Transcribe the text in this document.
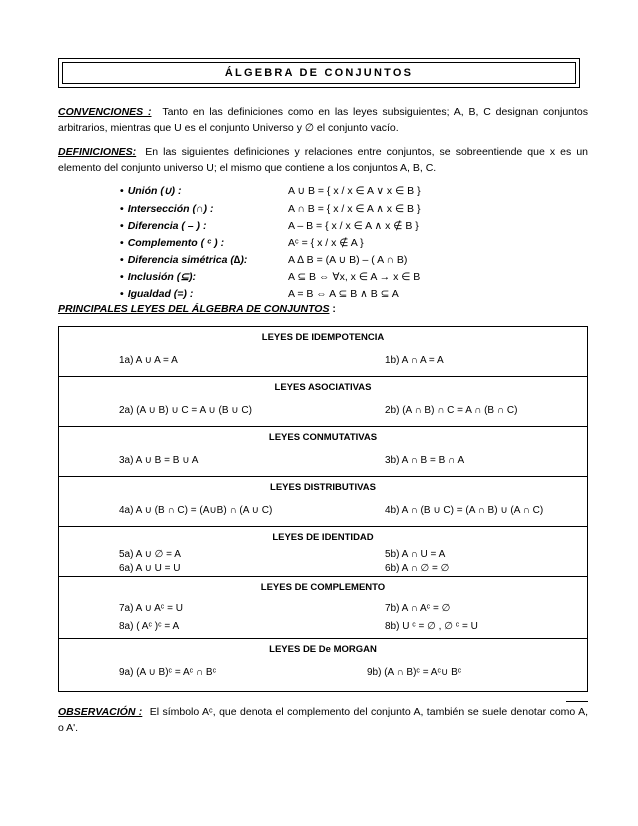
ÁLGEBRA DE CONJUNTOS
CONVENCIONES : Tanto en las definiciones como en las leyes subsiguientes; A, B, C designan conjuntos arbitrarios, mientras que U es el conjunto Universo y ∅ el conjunto vacío.
DEFINICIONES: En las siguientes definiciones y relaciones entre conjuntos, se sobreentiende que x es un elemento del conjunto universo U; el mismo que contiene a los conjuntos A, B, C.
• Unión (∪) :	A ∪ B = { x / x ∈ A ∨ x ∈ B }
• Intersección (∩) :	A ∩ B = { x / x ∈ A ∧ x ∈ B }
• Diferencia ( – ) :	A – B = { x / x ∈ A ∧ x ∉ B }
• Complemento ( ᶜ ) :	Aᶜ = { x / x ∉ A }
• Diferencia simétrica (∆):	A ∆ B = (A ∪ B) – ( A ∩ B)
• Inclusión (⊆):	A ⊆ B ⇔ ∀x, x ∈ A → x ∈ B
• Igualdad (=) :	A = B ⇔ A ⊆ B ∧ B ⊆ A
PRINCIPALES LEYES DEL ÁLGEBRA DE CONJUNTOS :
LEYES DE IDEMPOTENCIA
1a) A ∪ A = A	1b) A ∩ A = A
LEYES ASOCIATIVAS
2a) (A ∪ B) ∪ C = A ∪ (B ∪ C)	2b) (A ∩ B) ∩ C = A ∩ (B ∩ C)
LEYES CONMUTATIVAS
3a) A ∪ B = B ∪ A	3b) A ∩ B = B ∩ A
LEYES DISTRIBUTIVAS
4a) A ∪ (B ∩ C) = (A∪B) ∩ (A ∪ C)	4b) A ∩ (B ∪ C) = (A ∩ B) ∪ (A ∩ C)
LEYES DE IDENTIDAD
5a) A ∪ ∅ = A	5b) A ∩ U = A
6a) A ∪ U = U	6b) A ∩ ∅ = ∅
LEYES DE COMPLEMENTO
7a) A ∪ Aᶜ = U	7b) A ∩ Aᶜ = ∅
8a) ( Aᶜ )ᶜ = A	8b) U ᶜ = ∅ , ∅ ᶜ = U
LEYES DE De MORGAN
9a) (A ∪ B)ᶜ = Aᶜ ∩ Bᶜ	9b) (A ∩ B)ᶜ = Aᶜ∪ Bᶜ
OBSERVACIÓN : El símbolo Aᶜ, que denota el complemento del conjunto A, también se suele denotar como A, o A'.
